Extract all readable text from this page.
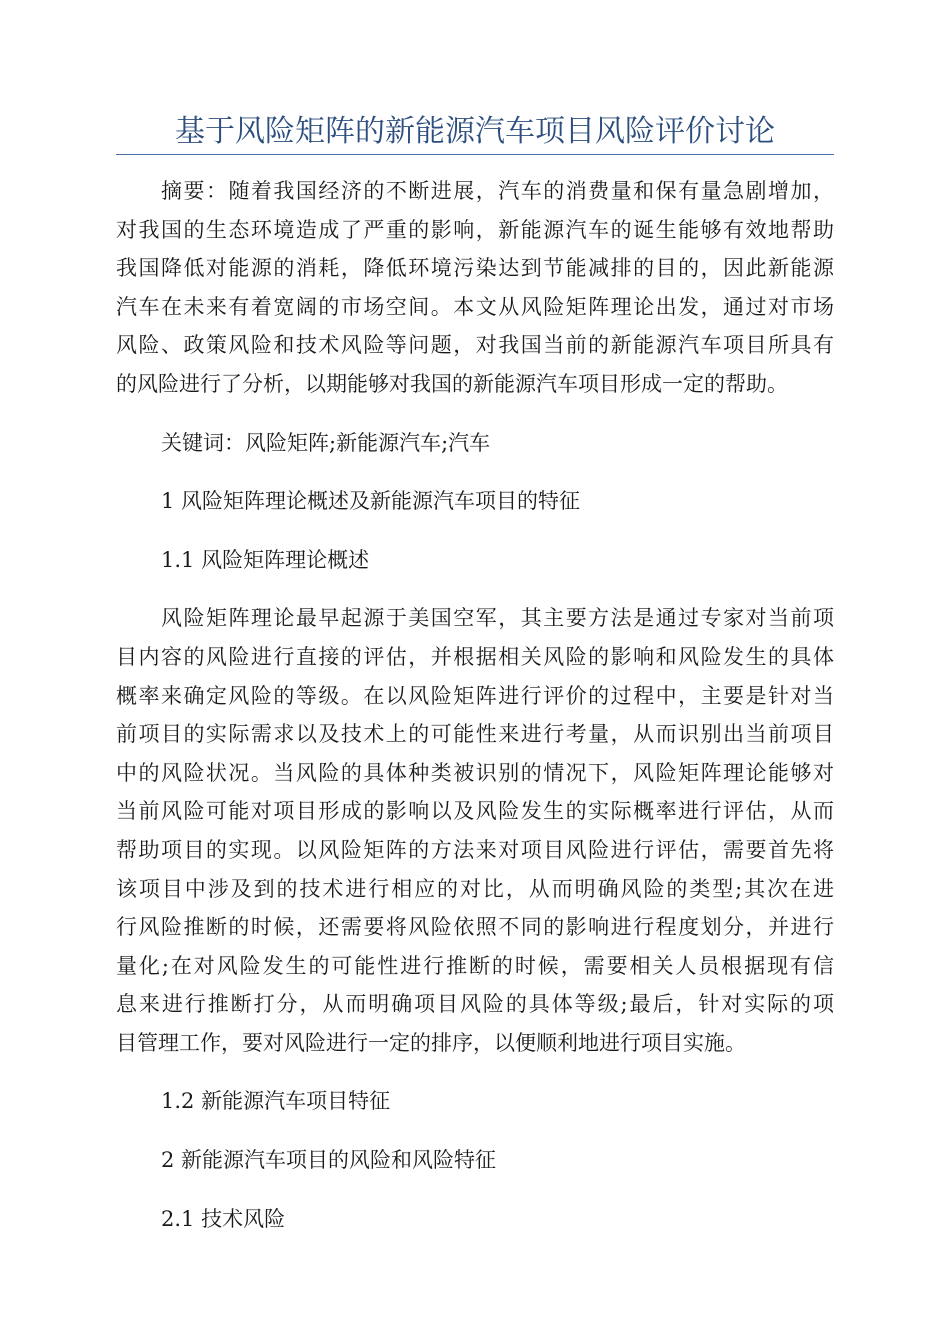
基于风险矩阵的新能源汽车项目风险评价讨论
摘要：随着我国经济的不断进展，汽车的消费量和保有量急剧增加，
对我国的生态环境造成了严重的影响，新能源汽车的诞生能够有效地帮助
我国降低对能源的消耗，降低环境污染达到节能减排的目的，因此新能源
汽车在未来有着宽阔的市场空间。本文从风险矩阵理论出发，通过对市场
风险、政策风险和技术风险等问题，对我国当前的新能源汽车项目所具有
的风险进行了分析，以期能够对我国的新能源汽车项目形成一定的帮助。
关键词：风险矩阵;新能源汽车;汽车
1 风险矩阵理论概述及新能源汽车项目的特征
1.1 风险矩阵理论概述
风险矩阵理论最早起源于美国空军，其主要方法是通过专家对当前项
目内容的风险进行直接的评估，并根据相关风险的影响和风险发生的具体
概率来确定风险的等级。在以风险矩阵进行评价的过程中，主要是针对当
前项目的实际需求以及技术上的可能性来进行考量，从而识别出当前项目
中的风险状况。当风险的具体种类被识别的情况下，风险矩阵理论能够对
当前风险可能对项目形成的影响以及风险发生的实际概率进行评估，从而
帮助项目的实现。以风险矩阵的方法来对项目风险进行评估，需要首先将
该项目中涉及到的技术进行相应的对比，从而明确风险的类型;其次在进
行风险推断的时候，还需要将风险依照不同的影响进行程度划分，并进行
量化;在对风险发生的可能性进行推断的时候，需要相关人员根据现有信
息来进行推断打分，从而明确项目风险的具体等级;最后，针对实际的项
目管理工作，要对风险进行一定的排序，以便顺利地进行项目实施。
1.2 新能源汽车项目特征
2 新能源汽车项目的风险和风险特征
2.1 技术风险
